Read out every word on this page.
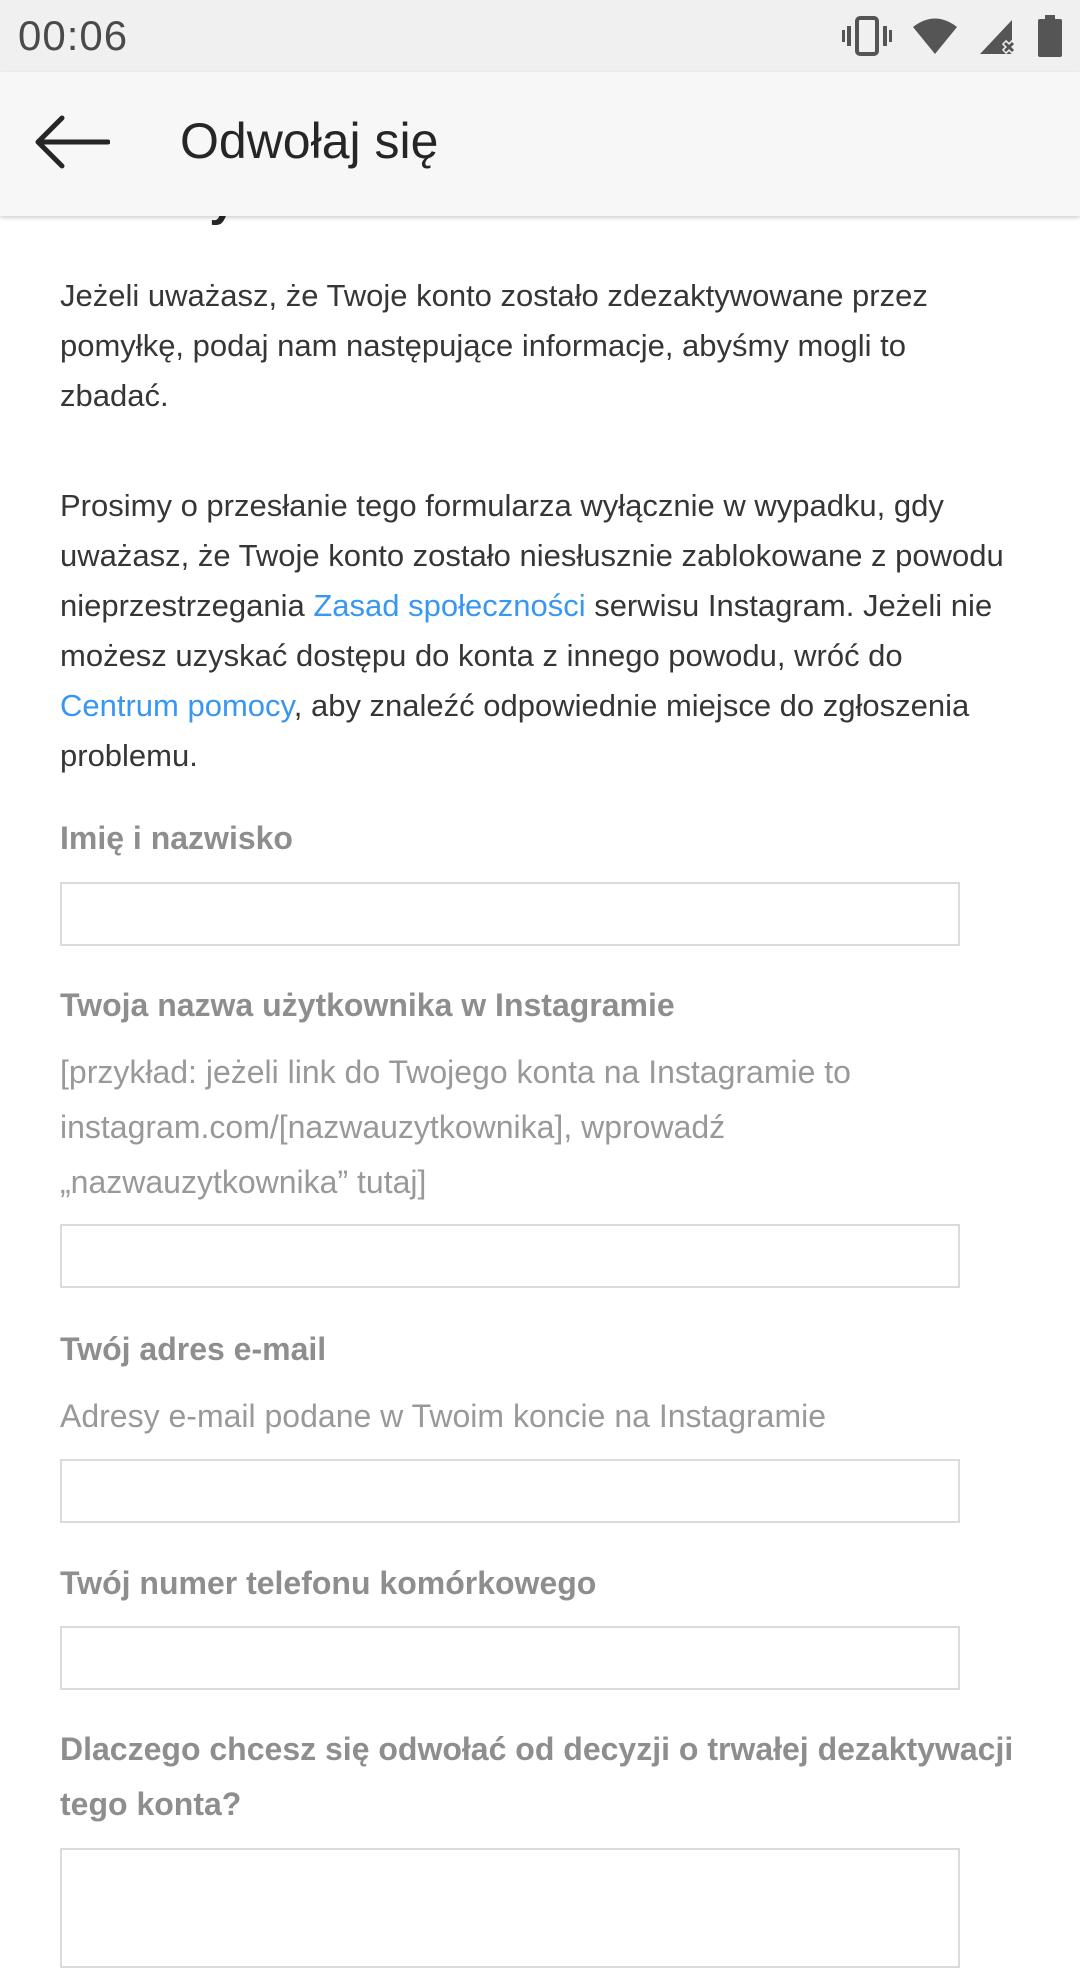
00:06
Odwołaj się

Jeżeli uważasz, że Twoje konto zostało zdezaktywowane przez pomyłkę, podaj nam następujące informacje, abyśmy mogli to zbadać.

Prosimy o przesłanie tego formularza wyłącznie w wypadku, gdy uważasz, że Twoje konto zostało niesłusznie zablokowane z powodu nieprzestrzegania Zasad społeczności serwisu Instagram. Jeżeli nie możesz uzyskać dostępu do konta z innego powodu, wróć do Centrum pomocy, aby znaleźć odpowiednie miejsce do zgłoszenia problemu.

Imię i nazwisko
Twoja nazwa użytkownika w Instagramie
[przykład: jeżeli link do Twojego konta na Instagramie to instagram.com/[nazwauzytkownika], wprowadź „nazwauzytkownika” tutaj]
Twój adres e-mail
Adresy e-mail podane w Twoim koncie na Instagramie
Twój numer telefonu komórkowego
Dlaczego chcesz się odwołać od decyzji o trwałej dezaktywacji tego konta?
